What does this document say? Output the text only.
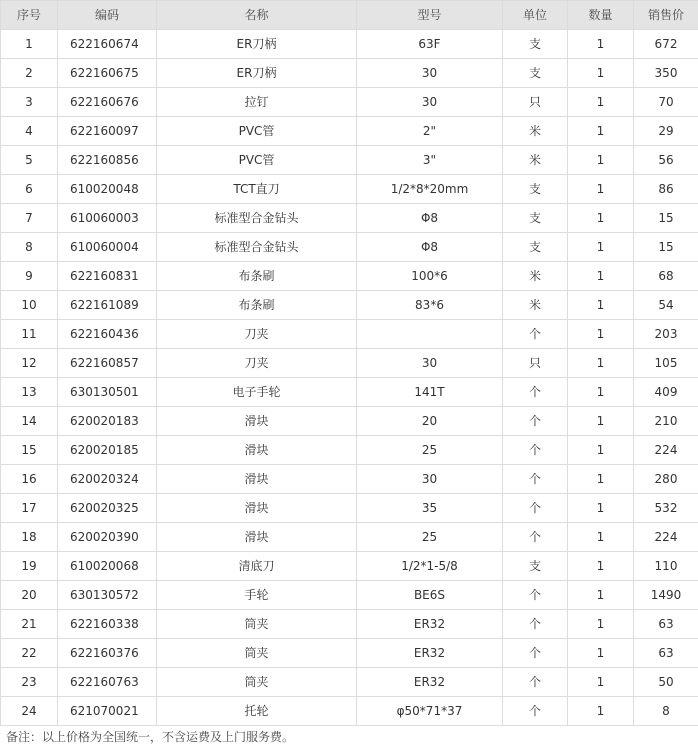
序号	编码	名称	型号	单位	数量	销售价
1	622160674	ER刀柄	63F	支	1	672
2	622160675	ER刀柄	30	支	1	350
3	622160676	拉钉	30	只	1	70
4	622160097	PVC管	2"	米	1	29
5	622160856	PVC管	3"	米	1	56
6	610020048	TCT直刀	1/2*8*20mm	支	1	86
7	610060003	标准型合金钻头	Φ8	支	1	15
8	610060004	标准型合金钻头	Φ8	支	1	15
9	622160831	布条刷	100*6	米	1	68
10	622161089	布条刷	83*6	米	1	54
11	622160436	刀夹		个	1	203
12	622160857	刀夹	30	只	1	105
13	630130501	电子手轮	141T	个	1	409
14	620020183	滑块	20	个	1	210
15	620020185	滑块	25	个	1	224
16	620020324	滑块	30	个	1	280
17	620020325	滑块	35	个	1	532
18	620020390	滑块	25	个	1	224
19	610020068	清底刀	1/2*1-5/8	支	1	110
20	630130572	手轮	BE6S	个	1	1490
21	622160338	筒夹	ER32	个	1	63
22	622160376	筒夹	ER32	个	1	63
23	622160763	筒夹	ER32	个	1	50
24	621070021	托轮	φ50*71*37	个	1	8
备注：以上价格为全国统一，不含运费及上门服务费。
